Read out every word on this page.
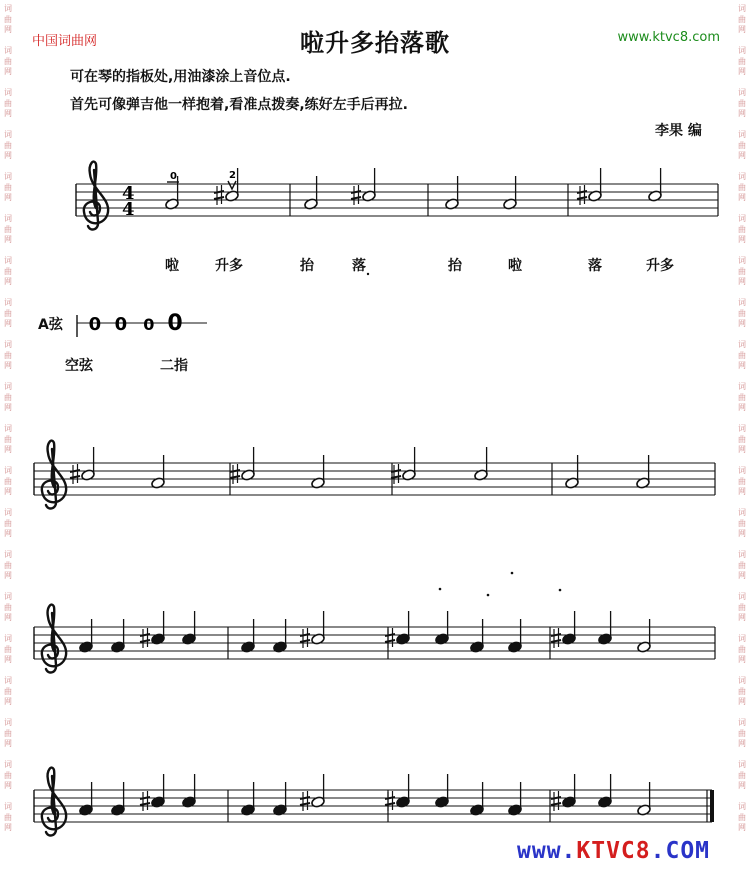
词
曲
网

词
曲
网

词
曲
网

词
曲
网

词
曲
网

词
曲
网

词
曲
网

词
曲
网

词
曲
网

词
曲
网

词
曲
网

词
曲
网

词
曲
网

词
曲
网

词
曲
网

词
曲
网

词
曲
网

词
曲
网

词
曲
网

词
曲
网

词
曲
网

词
曲
网

词
曲
网

词
曲
网

词
曲
网

词
曲
网

词
曲
网

词
曲
网

词
曲
网

词
曲
网

词
曲
网

词
曲
网

词
曲
网

词
曲
网

词
曲
网

词
曲
网

词
曲
网

词
曲
网

词
曲
网

词
曲
网

中国词曲网	啦升多抬落歌	www.ktvc8.com
可在琴的指板处,用油漆涂上音位点.
首先可像弹吉他一样抱着,看准点拨奏,练好左手后再拉.
李果 编
4
4
0	2
0 0 0 0
啦	升多	抬	落	抬	啦	落	升多
A弦
空弦	二指
www.KTVC8.COM
